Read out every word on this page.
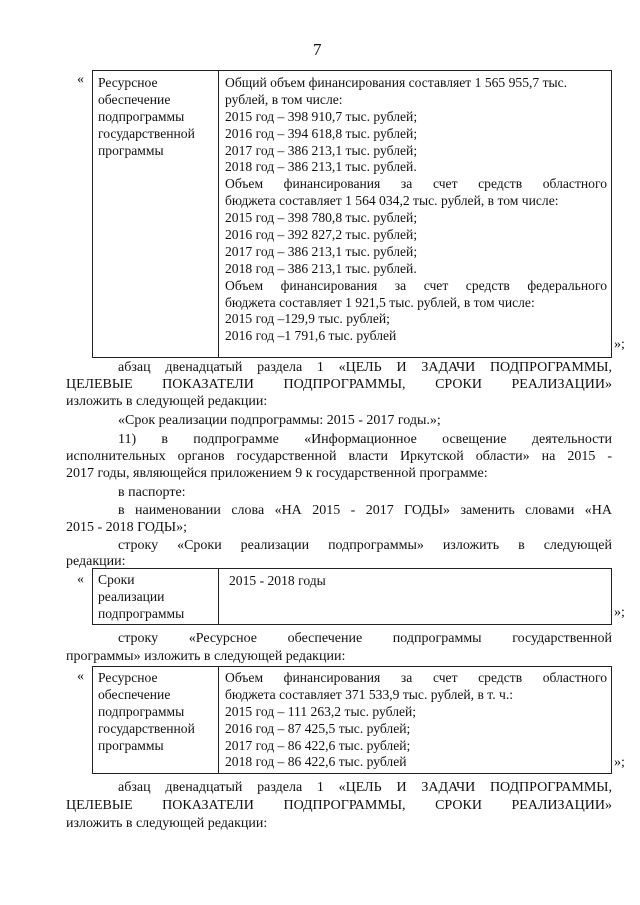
7
« Ресурсное
обеспечение
подпрограммы
государственной
программы
Общий объем финансирования составляет 1 565 955,7 тыс.
рублей, в том числе:
2015 год – 398 910,7 тыс. рублей;
2016 год – 394 618,8 тыс. рублей;
2017 год – 386 213,1 тыс. рублей;
2018 год – 386 213,1 тыс. рублей.
Объем финансирования за счет средств областного
бюджета составляет 1 564 034,2 тыс. рублей, в том числе:
2015 год – 398 780,8 тыс. рублей;
2016 год – 392 827,2 тыс. рублей;
2017 год – 386 213,1 тыс. рублей;
2018 год – 386 213,1 тыс. рублей.
Объем финансирования за счет средств федерального
бюджета составляет 1 921,5 тыс. рублей, в том числе:
2015 год –129,9 тыс. рублей;
2016 год –1 791,6 тыс. рублей
»;
абзац двенадцатый раздела 1 «ЦЕЛЬ И ЗАДАЧИ ПОДПРОГРАММЫ,
ЦЕЛЕВЫЕ ПОКАЗАТЕЛИ ПОДПРОГРАММЫ, СРОКИ РЕАЛИЗАЦИИ»
изложить в следующей редакции:
«Срок реализации подпрограммы: 2015 - 2017 годы.»;
11) в подпрограмме «Информационное освещение деятельности
исполнительных органов государственной власти Иркутской области» на 2015 -
2017 годы, являющейся приложением 9 к государственной программе:
в паспорте:
в наименовании слова «НА 2015 - 2017 ГОДЫ» заменить словами «НА
2015 - 2018 ГОДЫ»;
строку «Сроки реализации подпрограммы» изложить в следующей
редакции:
« Сроки
реализации
подпрограммы
2015 - 2018 годы
»;
строку «Ресурсное обеспечение подпрограммы государственной
программы» изложить в следующей редакции:
« Ресурсное
обеспечение
подпрограммы
государственной
программы
Объем финансирования за счет средств областного
бюджета составляет 371 533,9 тыс. рублей, в т. ч.:
2015 год – 111 263,2 тыс. рублей;
2016 год – 87 425,5 тыс. рублей;
2017 год – 86 422,6 тыс. рублей;
2018 год – 86 422,6 тыс. рублей	»;
абзац двенадцатый раздела 1 «ЦЕЛЬ И ЗАДАЧИ ПОДПРОГРАММЫ,
ЦЕЛЕВЫЕ ПОКАЗАТЕЛИ ПОДПРОГРАММЫ, СРОКИ РЕАЛИЗАЦИИ»
изложить в следующей редакции:
